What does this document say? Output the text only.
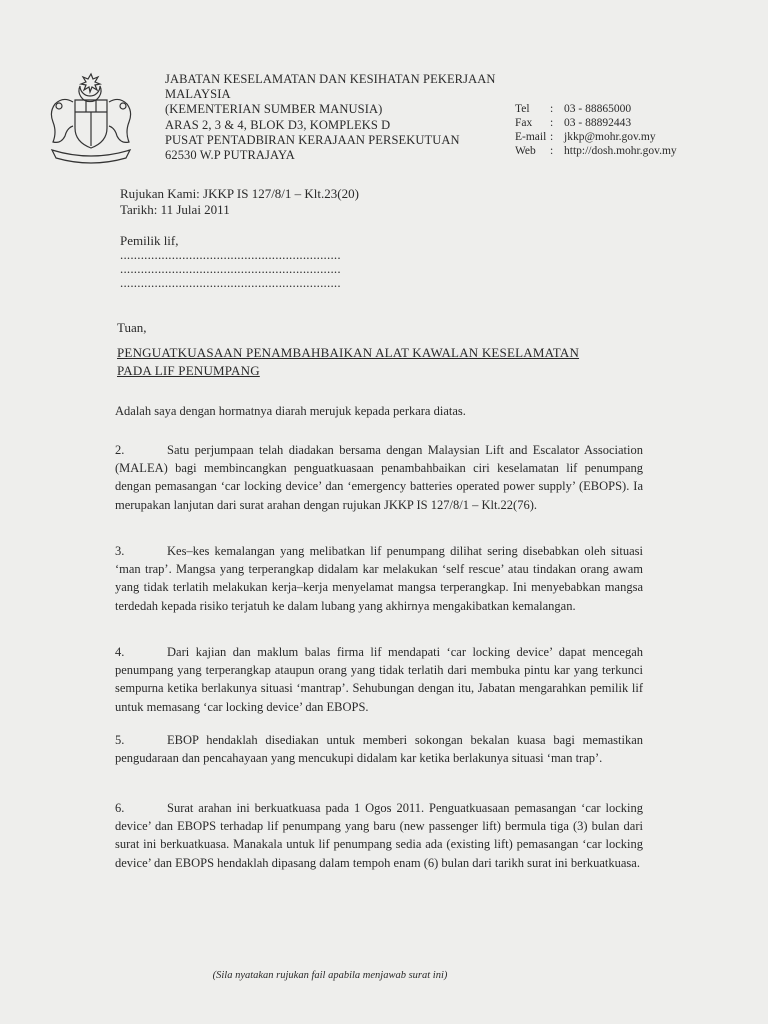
JABATAN KESELAMATAN DAN KESIHATAN PEKERJAAN
MALAYSIA
(KEMENTERIAN SUMBER MANUSIA)
ARAS 2, 3 & 4, BLOK D3, KOMPLEKS D
PUSAT PENTADBIRAN KERAJAAN PERSEKUTUAN
62530 W.P PUTRAJAYA
Tel : 03 - 88865000
Fax : 03 - 88892443
E-mail : jkkp@mohr.gov.my
Web : http://dosh.mohr.gov.my
Rujukan Kami: JKKP IS 127/8/1 – Klt.23(20)
Tarikh: 11 Julai 2011
Pemilik lif,
................................................................
................................................................
................................................................
Tuan,
PENGUATKUASAAN PENAMBAHBAIKAN ALAT KAWALAN KESELAMATAN
PADA LIF PENUMPANG
Adalah saya dengan hormatnya diarah merujuk kepada perkara diatas.
2.	Satu perjumpaan telah diadakan bersama dengan Malaysian Lift and Escalator Association (MALEA) bagi membincangkan penguatkuasaan penambahbaikan ciri keselamatan lif penumpang dengan pemasangan ‘car locking device’ dan ‘emergency batteries operated power supply’ (EBOPS). Ia merupakan lanjutan dari surat arahan dengan rujukan JKKP IS 127/8/1 – Klt.22(76).
3.	Kes–kes kemalangan yang melibatkan lif penumpang dilihat sering disebabkan oleh situasi ‘man trap’. Mangsa yang terperangkap didalam kar melakukan ‘self rescue’ atau tindakan orang awam yang tidak terlatih melakukan kerja–kerja menyelamat mangsa terperangkap. Ini menyebabkan mangsa terdedah kepada risiko terjatuh ke dalam lubang yang akhirnya mengakibatkan kemalangan.
4.	Dari kajian dan maklum balas firma lif mendapati ‘car locking device’ dapat mencegah penumpang yang terperangkap ataupun orang yang tidak terlatih dari membuka pintu kar yang terkunci sempurna ketika berlakunya situasi ‘mantrap’. Sehubungan dengan itu, Jabatan mengarahkan pemilik lif untuk memasang ‘car locking device’ dan EBOPS.
5.	EBOP hendaklah disediakan untuk memberi sokongan bekalan kuasa bagi memastikan pengudaraan dan pencahayaan yang mencukupi didalam kar ketika berlakunya situasi ‘man trap’.
6.	Surat arahan ini berkuatkuasa pada 1 Ogos 2011. Penguatkuasaan pemasangan ‘car locking device’ dan EBOPS terhadap lif penumpang yang baru (new passenger lift) bermula tiga (3) bulan dari surat ini berkuatkuasa. Manakala untuk lif penumpang sedia ada (existing lift) pemasangan ‘car locking device’ dan EBOPS hendaklah dipasang dalam tempoh enam (6) bulan dari tarikh surat ini berkuatkuasa.
(Sila nyatakan rujukan fail apabila menjawab surat ini)
